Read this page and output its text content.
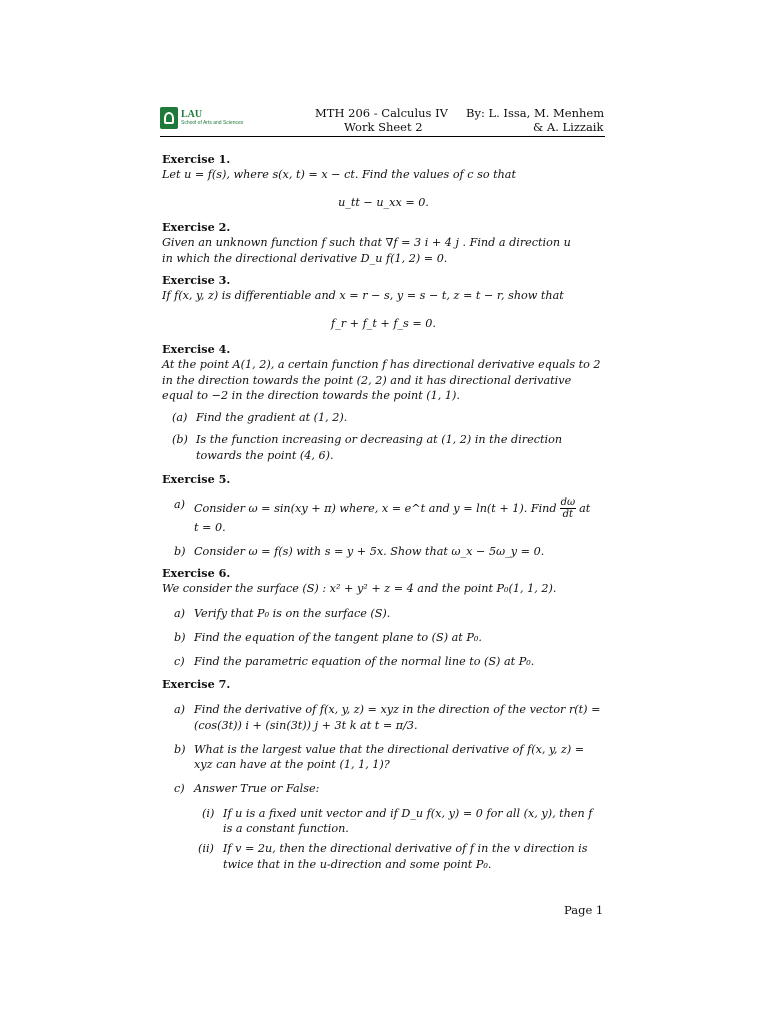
LAU
School of Arts and Sciences
MTH 206 - Calculus IV
Work Sheet 2
By: L. Issa, M. Menhem
& A. Lizzaik
Exercise 1.
Let u = f(s), where s(x, t) = x − ct. Find the values of c so that
u_tt − u_xx = 0.
Exercise 2.
Given an unknown function f such that ∇f = 3 i + 4 j . Find a direction u
in which the directional derivative D_u f(1, 2) = 0.
Exercise 3.
If f(x, y, z) is differentiable and x = r − s, y = s − t, z = t − r, show that
f_r + f_t + f_s = 0.
Exercise 4.
At the point A(1, 2), a certain function f has directional derivative equals to 2 in the direction towards the point (2, 2) and it has directional derivative equal to −2 in the direction towards the point (1, 1).
(a) Find the gradient at (1, 2).
(b) Is the function increasing or decreasing at (1, 2) in the direction towards the point (4, 6).
Exercise 5.
a) Consider ω = sin(xy + π) where, x = e^t and y = ln(t + 1). Find $\frac{d\omega}{dt}$ at
t = 0.
b) Consider ω = f(s) with s = y + 5x. Show that ω_x − 5ω_y = 0.
Exercise 6.
We consider the surface (S) : x² + y² + z = 4 and the point P₀(1, 1, 2).
a) Verify that P₀ is on the surface (S).
b) Find the equation of the tangent plane to (S) at P₀.
c) Find the parametric equation of the normal line to (S) at P₀.
Exercise 7.
a) Find the derivative of f(x, y, z) = xyz in the direction of the vector r(t) =
(cos(3t)) i + (sin(3t)) j + 3t k at t = π/3.
b) What is the largest value that the directional derivative of f(x, y, z) = xyz can have at the point (1, 1, 1)?
c) Answer True or False:
(i) If u is a fixed unit vector and if D_u f(x, y) = 0 for all (x, y), then f is a constant function.
(ii) If v = 2u, then the directional derivative of f in the v direction is twice that in the u-direction and some point P₀.
Page 1
